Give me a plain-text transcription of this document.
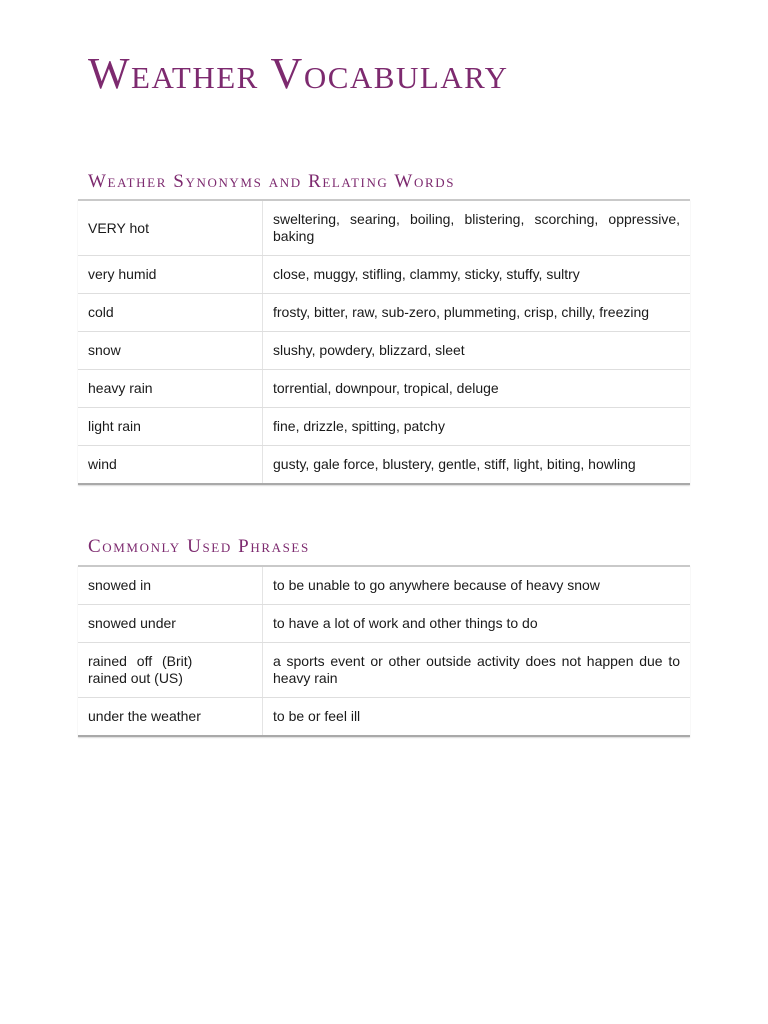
Weather Vocabulary
Weather Synonyms and Relating Words
VERY hot	sweltering, searing, boiling, blistering, scorching, oppressive, baking
very humid	close, muggy, stifling, clammy, sticky, stuffy, sultry
cold	frosty, bitter, raw, sub-zero, plummeting, crisp, chilly, freezing
snow	slushy, powdery, blizzard, sleet
heavy rain	torrential, downpour, tropical, deluge
light rain	fine, drizzle, spitting, patchy
wind	gusty, gale force, blustery, gentle, stiff, light, biting, howling
Commonly Used Phrases
snowed in	to be unable to go anywhere because of heavy snow
snowed under	to have a lot of work and other things to do

rained off (Brit)
rained out (US)	a sports event or other outside activity does not happen due to heavy rain
under the weather	to be or feel ill
